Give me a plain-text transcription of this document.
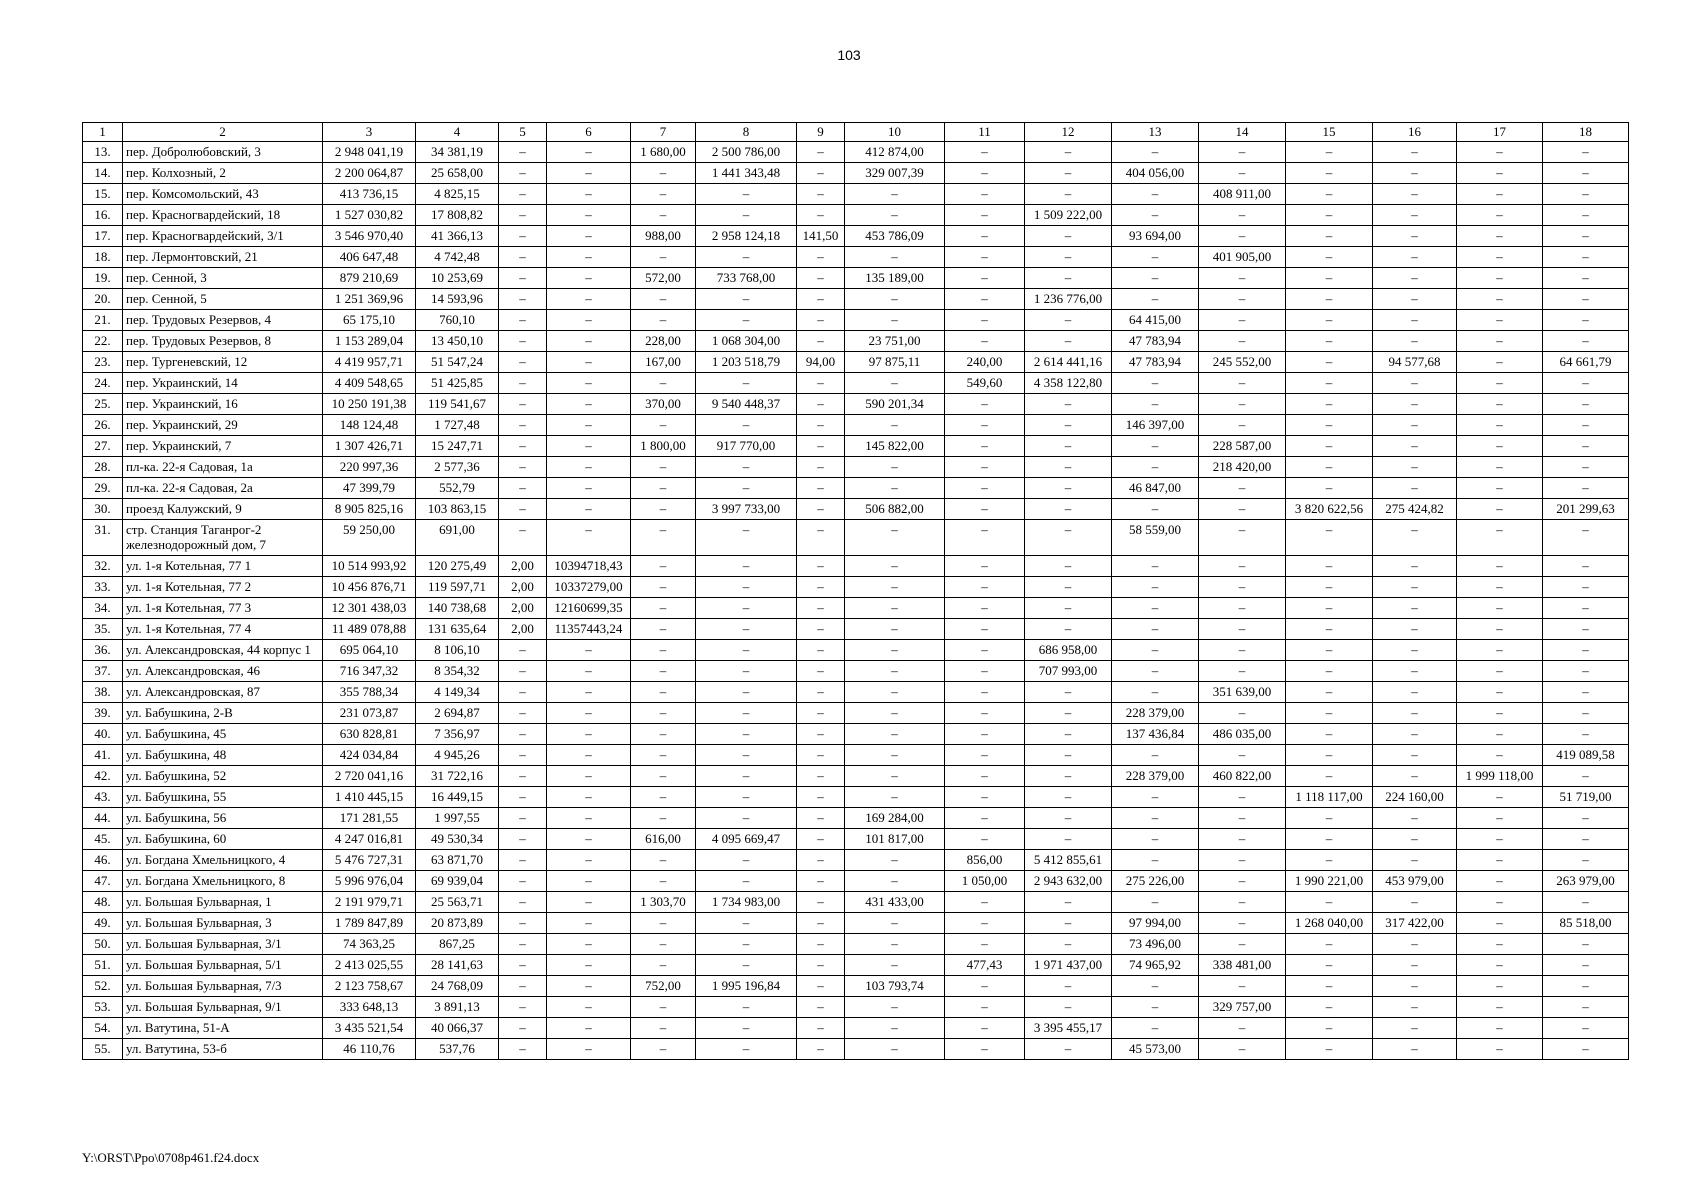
103
1	2	3	4	5	6	7	8	9	10	11	12	13	14	15	16	17	18
13.	пер. Добролюбовский, 3	2 948 041,19	34 381,19	–	–	1 680,00	2 500 786,00	–	412 874,00	–	–	–	–	–	–	–	–
14.	пер. Колхозный, 2	2 200 064,87	25 658,00	–	–	–	1 441 343,48	–	329 007,39	–	–	404 056,00	–	–	–	–	–
15.	пер. Комсомольский, 43	413 736,15	4 825,15	–	–	–	–	–	–	–	–	–	408 911,00	–	–	–	–
16.	пер. Красногвардейский, 18	1 527 030,82	17 808,82	–	–	–	–	–	–	–	1 509 222,00	–	–	–	–	–	–
17.	пер. Красногвардейский, 3/1	3 546 970,40	41 366,13	–	–	988,00	2 958 124,18	141,50	453 786,09	–	–	93 694,00	–	–	–	–	–
18.	пер. Лермонтовский, 21	406 647,48	4 742,48	–	–	–	–	–	–	–	–	–	401 905,00	–	–	–	–
19.	пер. Сенной, 3	879 210,69	10 253,69	–	–	572,00	733 768,00	–	135 189,00	–	–	–	–	–	–	–	–
20.	пер. Сенной, 5	1 251 369,96	14 593,96	–	–	–	–	–	–	–	1 236 776,00	–	–	–	–	–	–
21.	пер. Трудовых Резервов, 4	65 175,10	760,10	–	–	–	–	–	–	–	–	64 415,00	–	–	–	–	–
22.	пер. Трудовых Резервов, 8	1 153 289,04	13 450,10	–	–	228,00	1 068 304,00	–	23 751,00	–	–	47 783,94	–	–	–	–	–
23.	пер. Тургеневский, 12	4 419 957,71	51 547,24	–	–	167,00	1 203 518,79	94,00	97 875,11	240,00	2 614 441,16	47 783,94	245 552,00	–	94 577,68	–	64 661,79
24.	пер. Украинский, 14	4 409 548,65	51 425,85	–	–	–	–	–	–	549,60	4 358 122,80	–	–	–	–	–	–
25.	пер. Украинский, 16	10 250 191,38	119 541,67	–	–	370,00	9 540 448,37	–	590 201,34	–	–	–	–	–	–	–	–
26.	пер. Украинский, 29	148 124,48	1 727,48	–	–	–	–	–	–	–	–	146 397,00	–	–	–	–	–
27.	пер. Украинский, 7	1 307 426,71	15 247,71	–	–	1 800,00	917 770,00	–	145 822,00	–	–	–	228 587,00	–	–	–	–
28.	пл-ка. 22-я Садовая, 1а	220 997,36	2 577,36	–	–	–	–	–	–	–	–	–	218 420,00	–	–	–	–
29.	пл-ка. 22-я Садовая, 2а	47 399,79	552,79	–	–	–	–	–	–	–	–	46 847,00	–	–	–	–	–
30.	проезд Калужский, 9	8 905 825,16	103 863,15	–	–	–	3 997 733,00	–	506 882,00	–	–	–	–	3 820 622,56	275 424,82	–	201 299,63
31.	стр. Станция Таганрог-2 железнодорожный дом, 7	59 250,00	691,00	–	–	–	–	–	–	–	–	58 559,00	–	–	–	–	–
32.	ул. 1-я Котельная, 77 1	10 514 993,92	120 275,49	2,00	10394718,43	–	–	–	–	–	–	–	–	–	–	–	–
33.	ул. 1-я Котельная, 77 2	10 456 876,71	119 597,71	2,00	10337279,00	–	–	–	–	–	–	–	–	–	–	–	–
34.	ул. 1-я Котельная, 77 3	12 301 438,03	140 738,68	2,00	12160699,35	–	–	–	–	–	–	–	–	–	–	–	–
35.	ул. 1-я Котельная, 77 4	11 489 078,88	131 635,64	2,00	11357443,24	–	–	–	–	–	–	–	–	–	–	–	–
36.	ул. Александровская, 44 корпус 1	695 064,10	8 106,10	–	–	–	–	–	–	–	686 958,00	–	–	–	–	–	–
37.	ул. Александровская, 46	716 347,32	8 354,32	–	–	–	–	–	–	–	707 993,00	–	–	–	–	–	–
38.	ул. Александровская, 87	355 788,34	4 149,34	–	–	–	–	–	–	–	–	–	351 639,00	–	–	–	–
39.	ул. Бабушкина, 2-В	231 073,87	2 694,87	–	–	–	–	–	–	–	–	228 379,00	–	–	–	–	–
40.	ул. Бабушкина, 45	630 828,81	7 356,97	–	–	–	–	–	–	–	–	137 436,84	486 035,00	–	–	–	–
41.	ул. Бабушкина, 48	424 034,84	4 945,26	–	–	–	–	–	–	–	–	–	–	–	–	–	419 089,58
42.	ул. Бабушкина, 52	2 720 041,16	31 722,16	–	–	–	–	–	–	–	–	228 379,00	460 822,00	–	–	1 999 118,00	–
43.	ул. Бабушкина, 55	1 410 445,15	16 449,15	–	–	–	–	–	–	–	–	–	–	1 118 117,00	224 160,00	–	51 719,00
44.	ул. Бабушкина, 56	171 281,55	1 997,55	–	–	–	–	–	169 284,00	–	–	–	–	–	–	–	–
45.	ул. Бабушкина, 60	4 247 016,81	49 530,34	–	–	616,00	4 095 669,47	–	101 817,00	–	–	–	–	–	–	–	–
46.	ул. Богдана Хмельницкого, 4	5 476 727,31	63 871,70	–	–	–	–	–	–	856,00	5 412 855,61	–	–	–	–	–	–
47.	ул. Богдана Хмельницкого, 8	5 996 976,04	69 939,04	–	–	–	–	–	–	1 050,00	2 943 632,00	275 226,00	–	1 990 221,00	453 979,00	–	263 979,00
48.	ул. Большая Бульварная, 1	2 191 979,71	25 563,71	–	–	1 303,70	1 734 983,00	–	431 433,00	–	–	–	–	–	–	–	–
49.	ул. Большая Бульварная, 3	1 789 847,89	20 873,89	–	–	–	–	–	–	–	–	97 994,00	–	1 268 040,00	317 422,00	–	85 518,00
50.	ул. Большая Бульварная, 3/1	74 363,25	867,25	–	–	–	–	–	–	–	–	73 496,00	–	–	–	–	–
51.	ул. Большая Бульварная, 5/1	2 413 025,55	28 141,63	–	–	–	–	–	–	477,43	1 971 437,00	74 965,92	338 481,00	–	–	–	–
52.	ул. Большая Бульварная, 7/3	2 123 758,67	24 768,09	–	–	752,00	1 995 196,84	–	103 793,74	–	–	–	–	–	–	–	–
53.	ул. Большая Бульварная, 9/1	333 648,13	3 891,13	–	–	–	–	–	–	–	–	–	329 757,00	–	–	–	–
54.	ул. Ватутина, 51-А	3 435 521,54	40 066,37	–	–	–	–	–	–	–	3 395 455,17	–	–	–	–	–	–
55.	ул. Ватутина, 53-б	46 110,76	537,76	–	–	–	–	–	–	–	–	45 573,00	–	–	–	–	–
Y:\ORST\Ppo\0708p461.f24.docx
